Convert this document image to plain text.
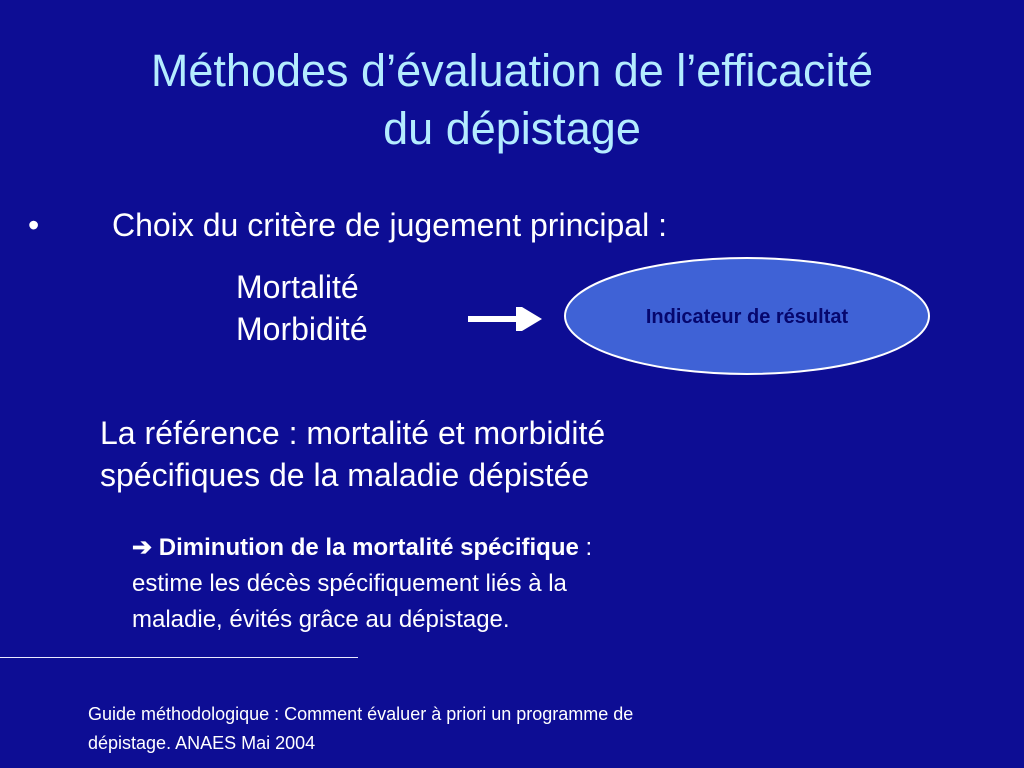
Méthodes d’évaluation de l’efficacité
du dépistage
• Choix du critère de jugement principal :
Mortalité
Morbidité	Indicateur de résultat
La référence : mortalité et morbidité
spécifiques de la maladie dépistée
➔ Diminution de la mortalité spécifique :
estime les décès spécifiquement liés à la
maladie, évités grâce au dépistage.
Guide méthodologique : Comment évaluer à priori un programme de
dépistage. ANAES Mai 2004
